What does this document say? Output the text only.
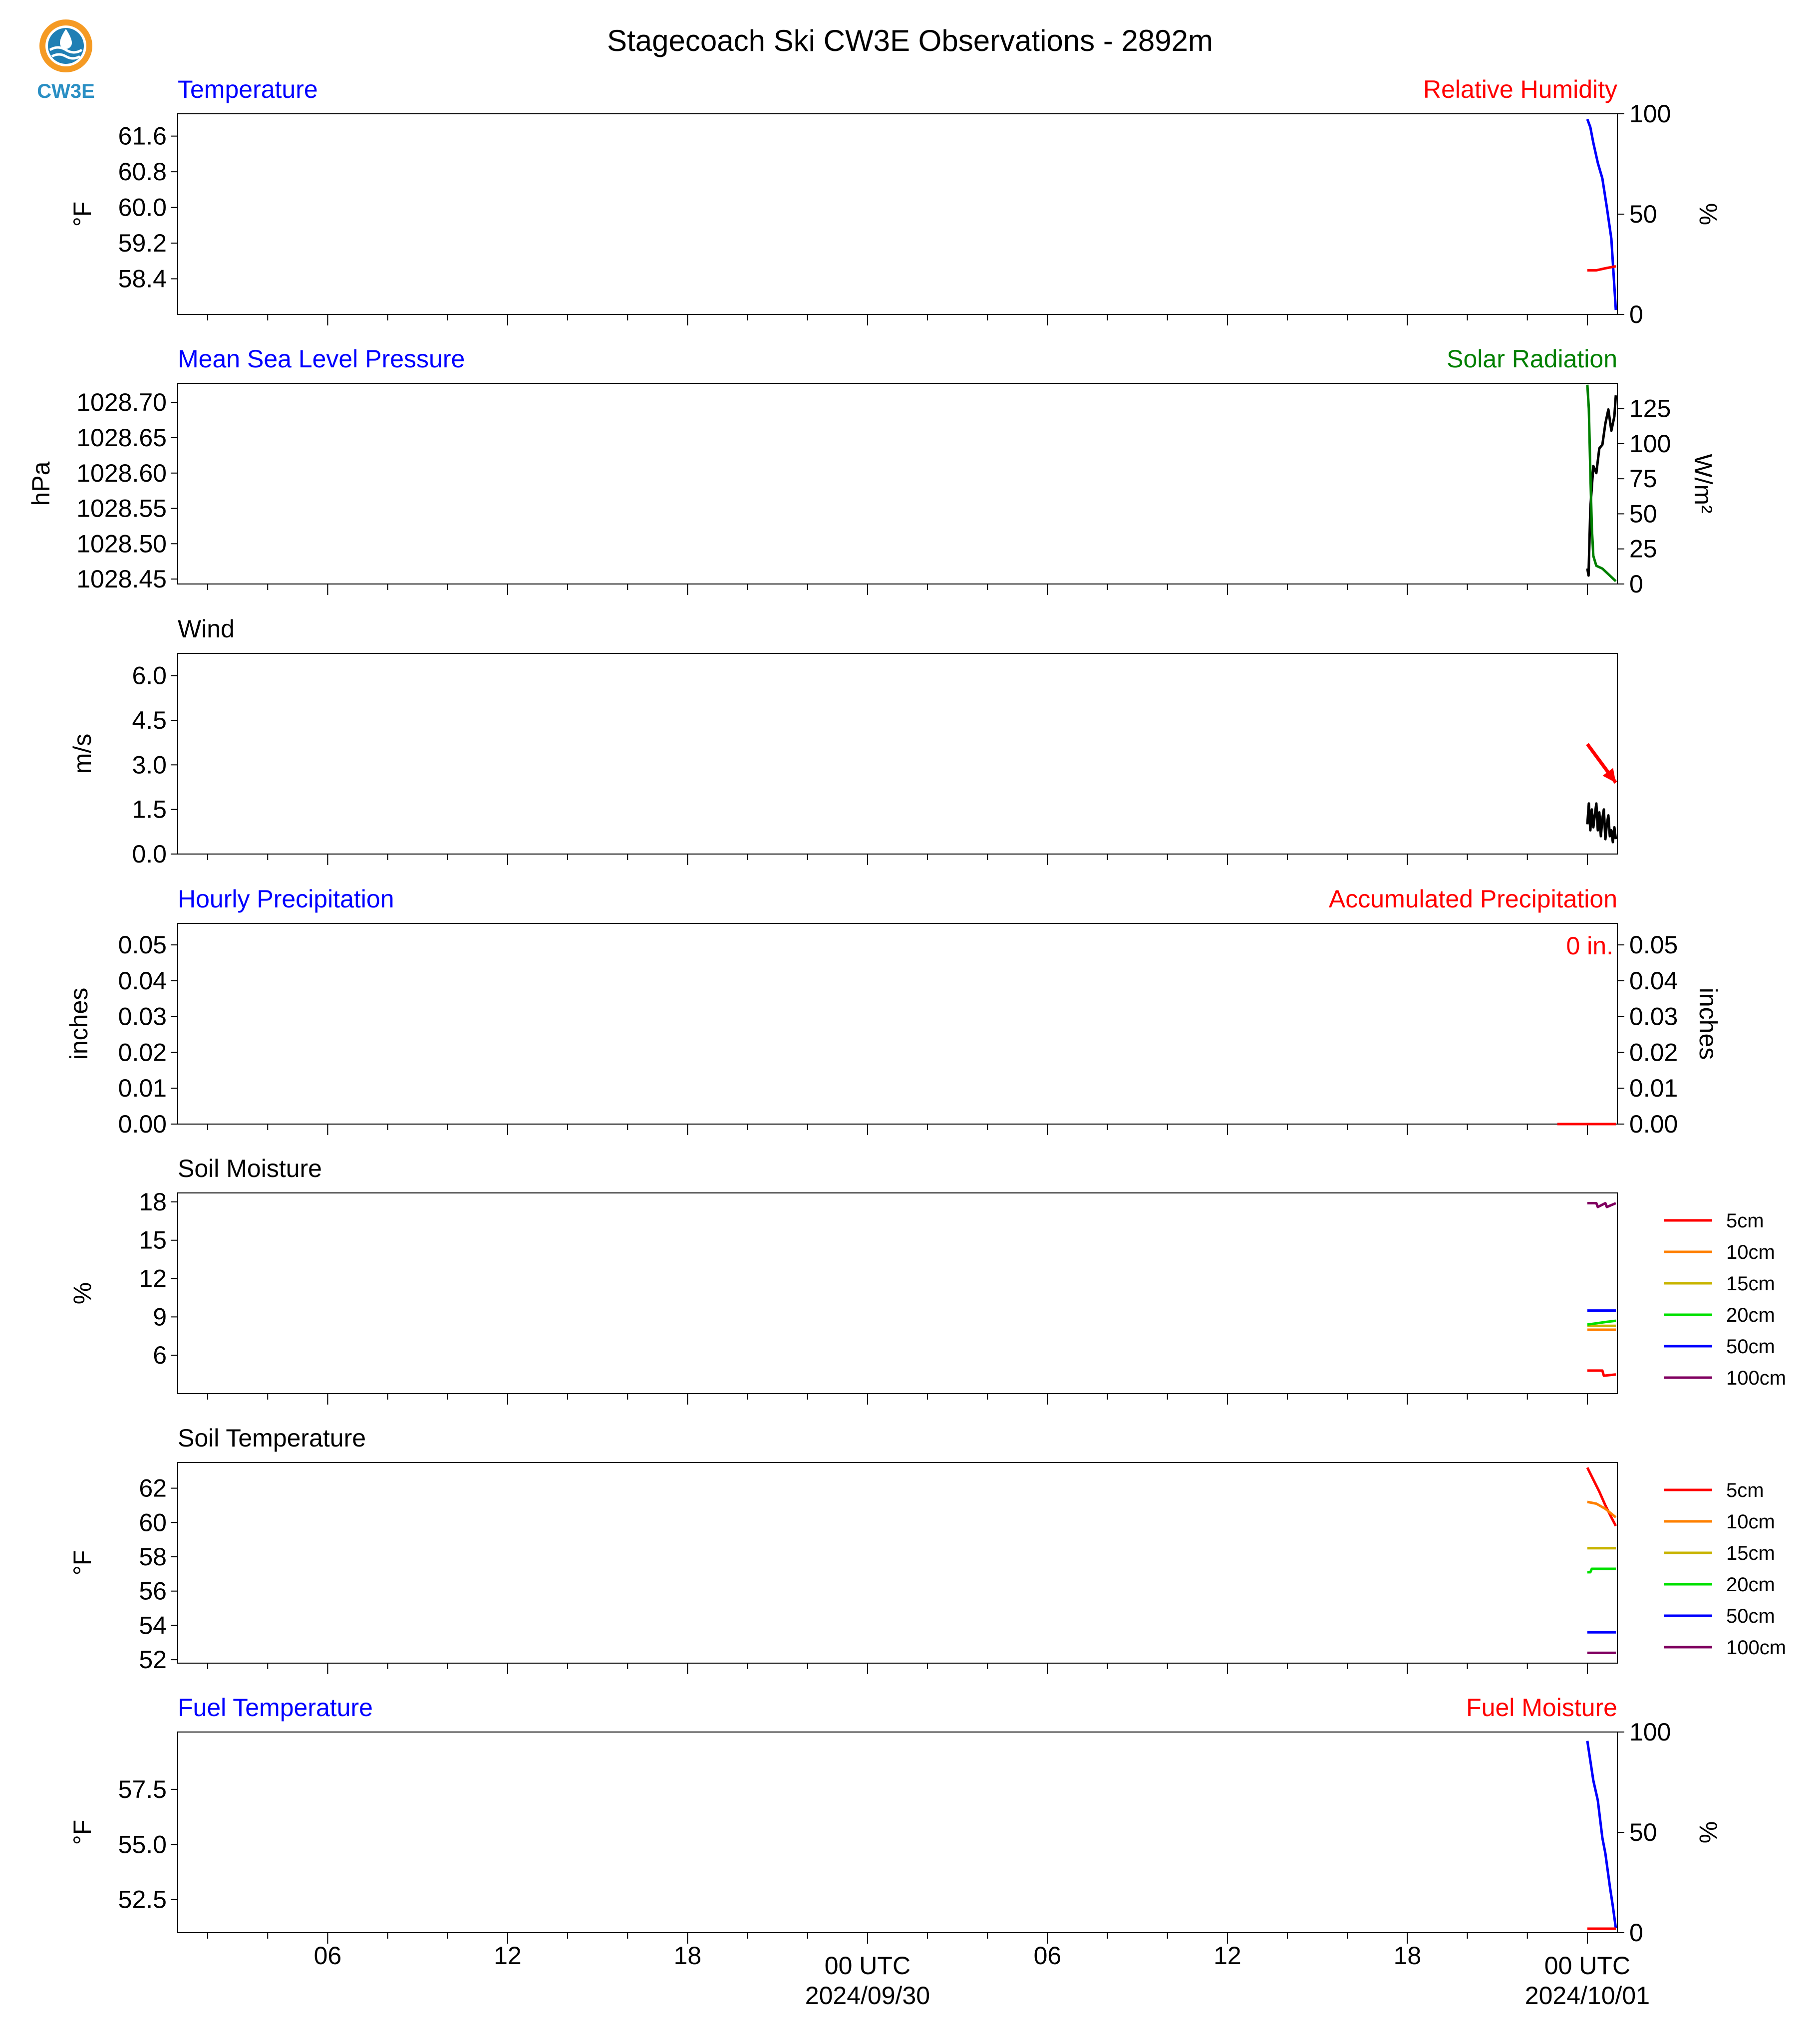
CW3E
Stagecoach Ski CW3E Observations - 2892m
Temperature	Relative Humidity
58.4
59.2
60.0
60.8
61.6
°F
0
50
100
%
Mean Sea Level Pressure	Solar Radiation
1028.45
1028.50
1028.55
1028.60
1028.65
1028.70
hPa
0
25
50
75
100
125
W/m²
Wind
0.0
1.5
3.0
4.5
6.0
m/s
Hourly Precipitation	Accumulated Precipitation
0.00
0.01
0.02
0.03
0.04
0.05
inches
0.00
0.01
0.02
0.03
0.04
0.05
inches
0 in.
Soil Moisture
6
9
12
15
18
%
5cm
10cm
15cm
20cm
50cm
100cm
Soil Temperature
52
54
56
58
60
62
°F
5cm
10cm
15cm
20cm
50cm
100cm
Fuel Temperature	Fuel Moisture
52.5
55.0
57.5
°F
0
50
100
%
06	12	18	00 UTC
2024/09/30
06	12	18	00 UTC
2024/10/01
